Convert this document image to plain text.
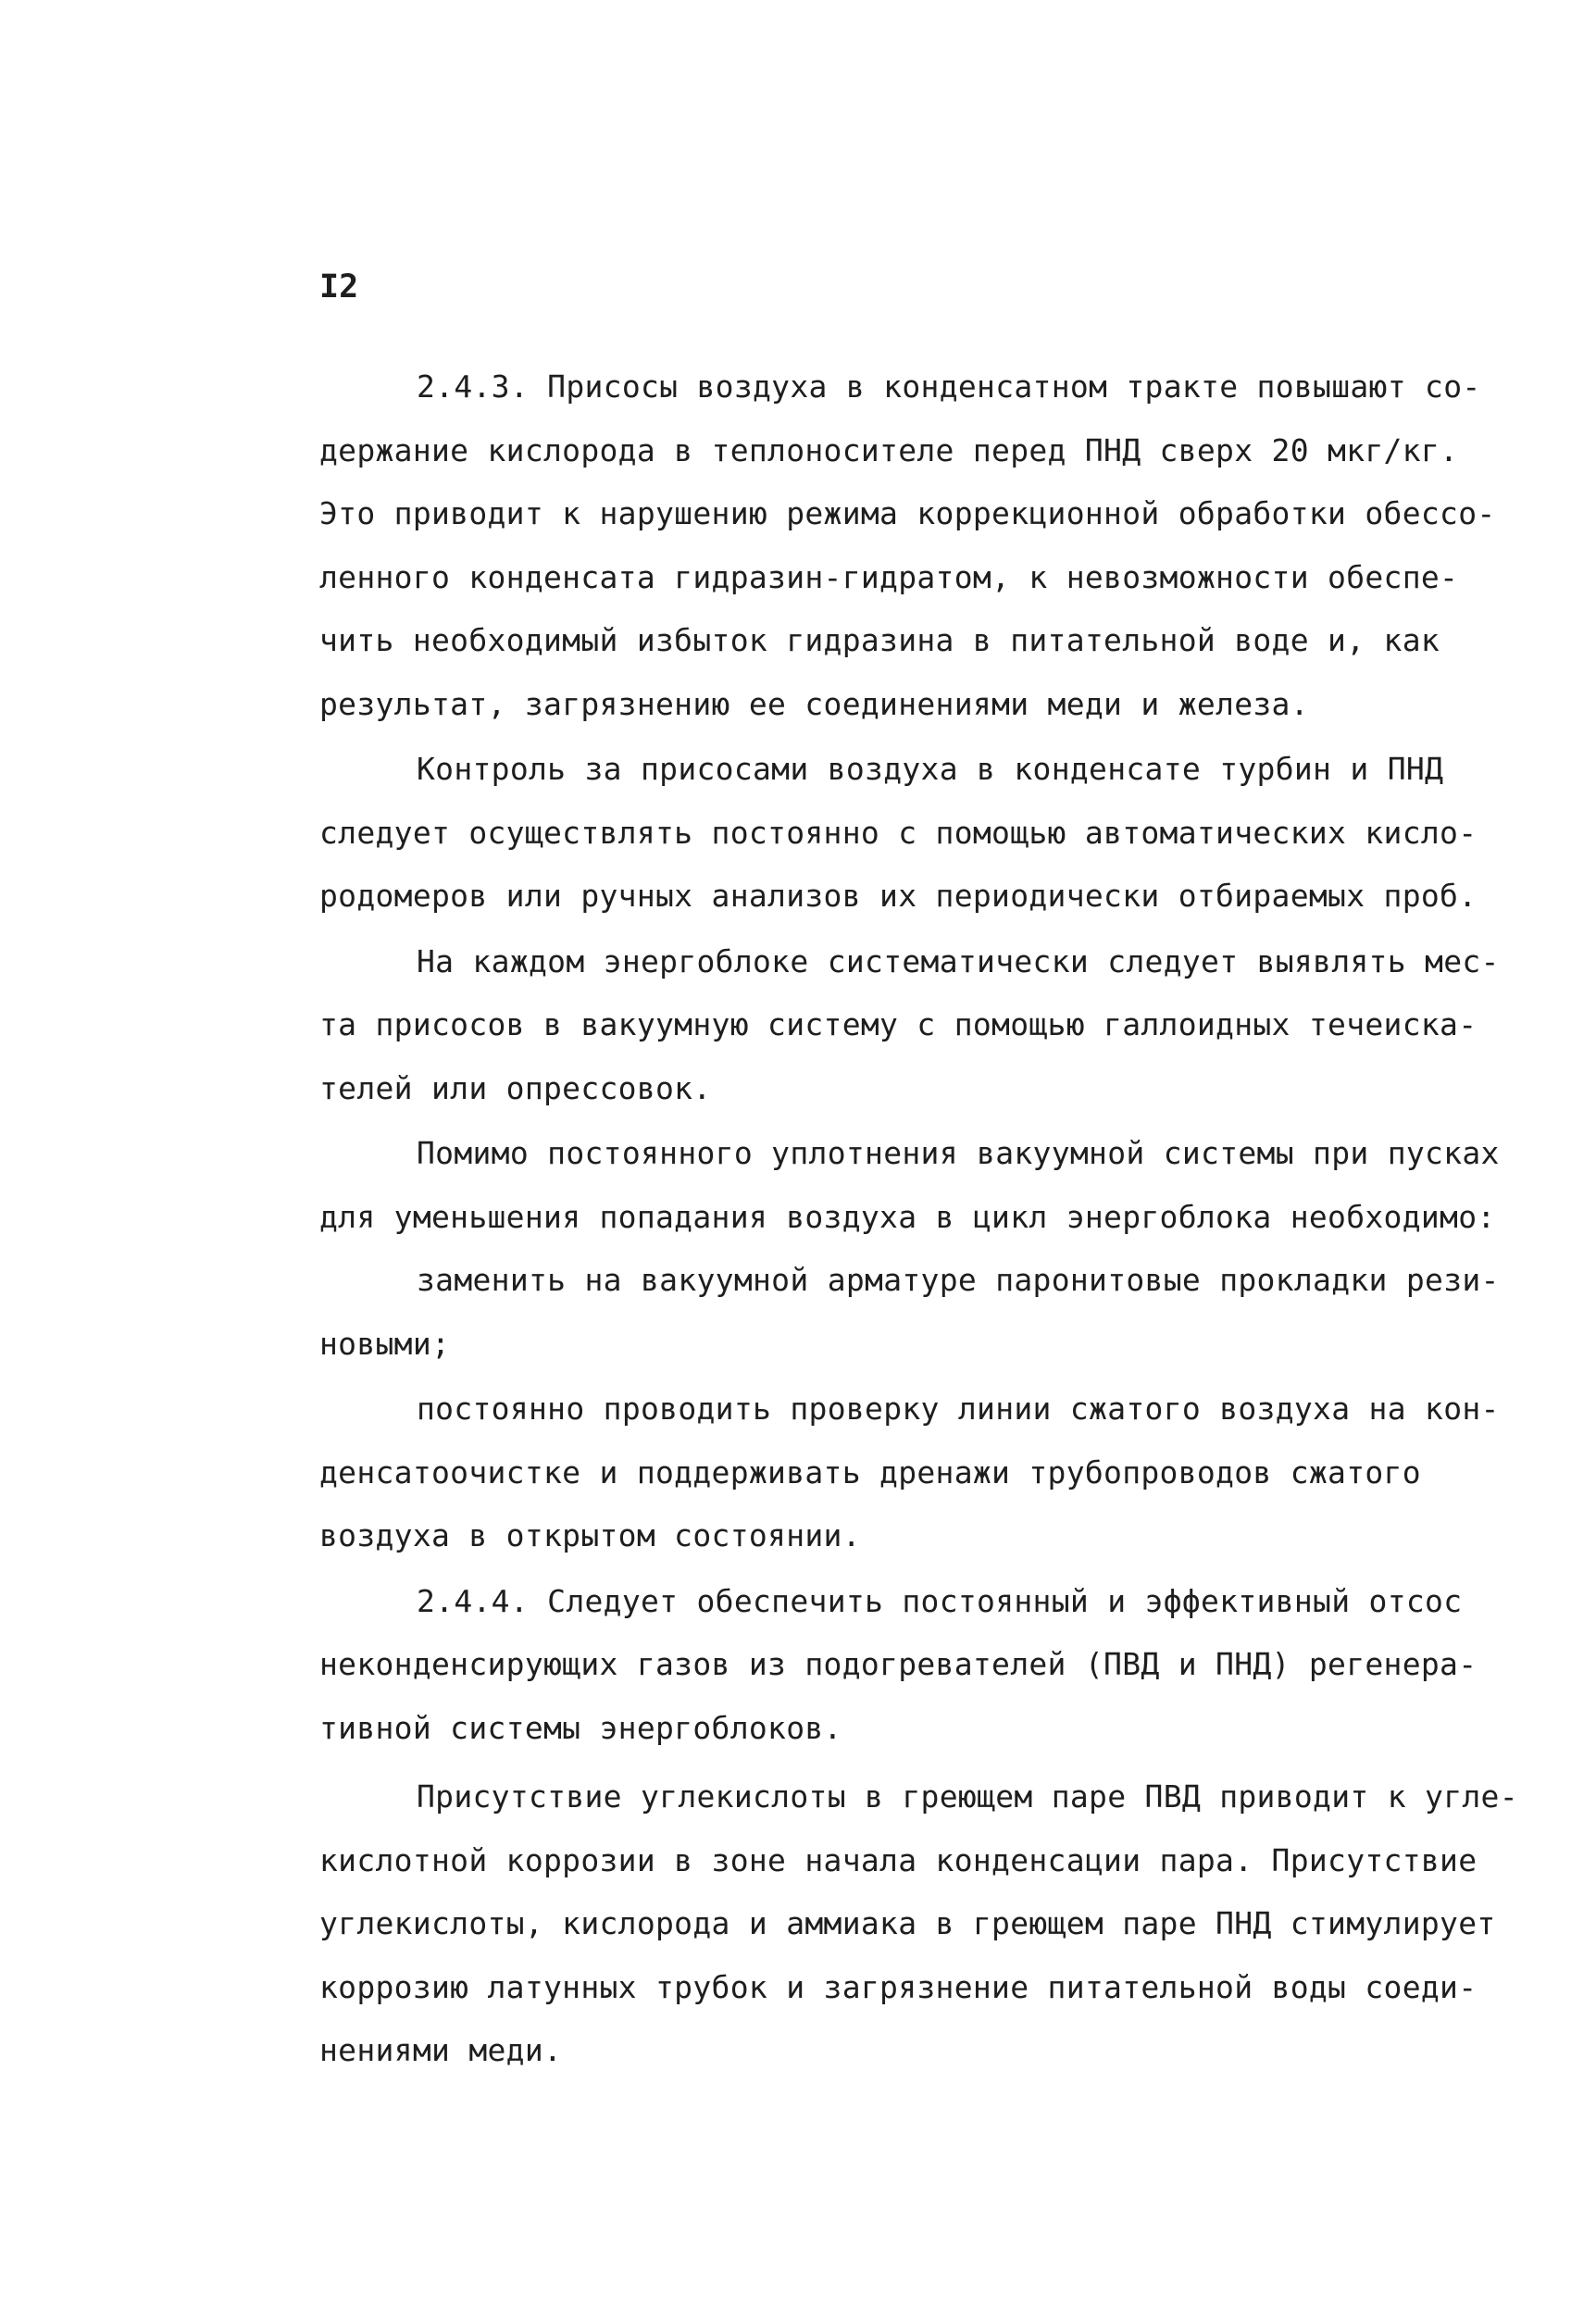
I2
2.4.3. Присосы воздуха в конденсатном тракте повышают со-
держание кислорода в теплоносителе перед ПНД сверх 20 мкг/кг.
Это приводит к нарушению режима коррекционной обработки обессо-
ленного конденсата гидразин-гидратом, к невозможности обеспе-
чить необходимый избыток гидразина в питательной воде и, как
результат, загрязнению ее соединениями меди и железа.
Контроль за присосами воздуха в конденсате турбин и ПНД
следует осуществлять постоянно с помощью автоматических кисло-
родомеров или ручных анализов их периодически отбираемых проб.
На каждом энергоблоке систематически следует выявлять мес-
та присосов в вакуумную систему с помощью галлоидных течеиска-
телей или опрессовок.
Помимо постоянного уплотнения вакуумной системы при пусках
для уменьшения попадания воздуха в цикл энергоблока необходимо:
заменить на вакуумной арматуре паронитовые прокладки рези-
новыми;
постоянно проводить проверку линии сжатого воздуха на кон-
денсатоочистке и поддерживать дренажи трубопроводов сжатого
воздуха в открытом состоянии.
2.4.4. Следует обеспечить постоянный и эффективный отсос
неконденсирующих газов из подогревателей (ПВД и ПНД) регенера-
тивной системы энергоблоков.
Присутствие углекислоты в греющем паре ПВД приводит к угле-
кислотной коррозии в зоне начала конденсации пара. Присутствие
углекислоты, кислорода и аммиака в греющем паре ПНД стимулирует
коррозию латунных трубок и загрязнение питательной воды соеди-
нениями меди.
